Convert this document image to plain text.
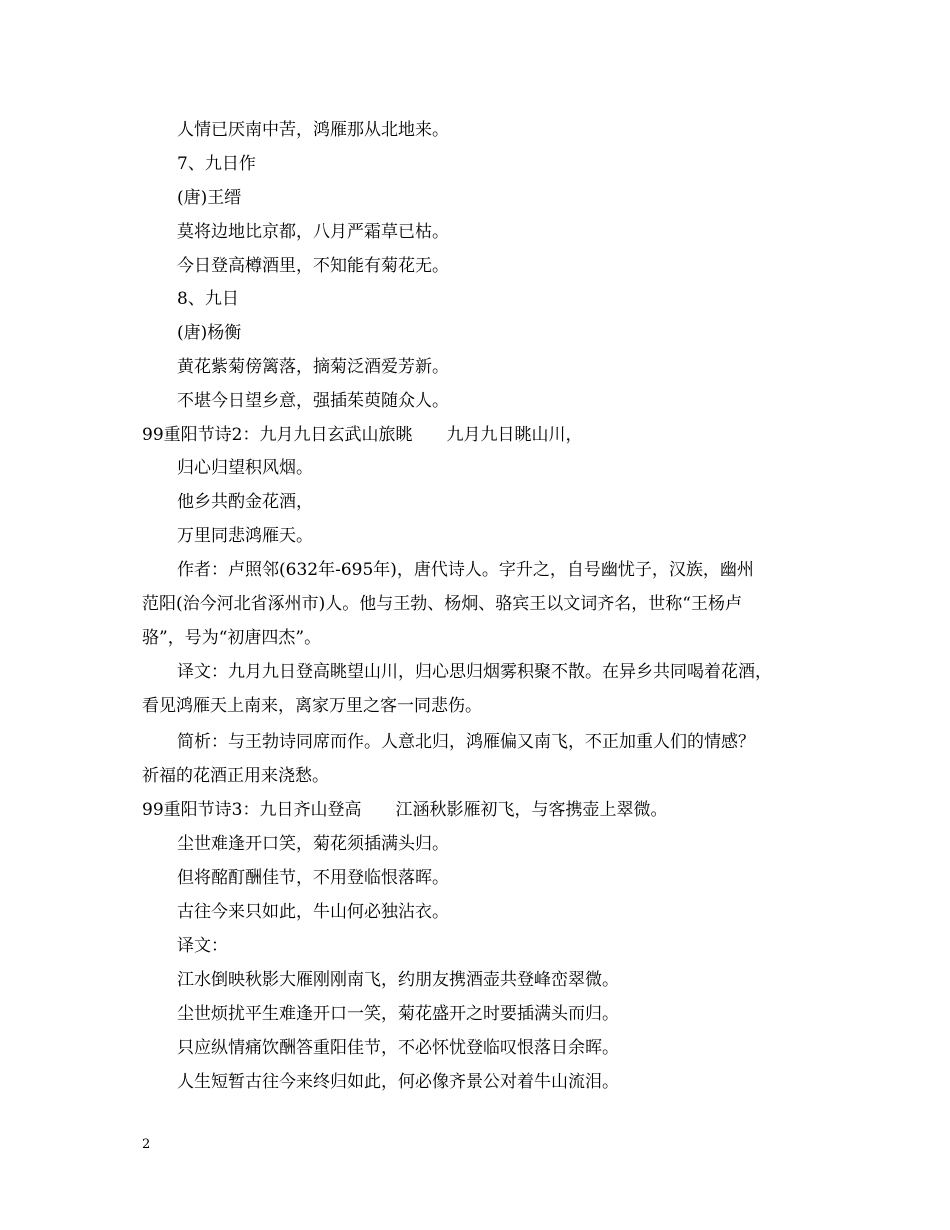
人情已厌南中苦，鸿雁那从北地来。
7、九日作
(唐)王缙
莫将边地比京都，八月严霜草已枯。
今日登高樽酒里，不知能有菊花无。
8、九日
(唐)杨衡
黄花紫菊傍篱落，摘菊泛酒爱芳新。
不堪今日望乡意，强插茱萸随众人。
99重阳节诗2：九月九日玄武山旅眺　　九月九日眺山川，
归心归望积风烟。
他乡共酌金花酒，
万里同悲鸿雁天。
作者：卢照邻(632年-695年)，唐代诗人。字升之，自号幽忧子，汉族，幽州
范阳(治今河北省涿州市)人。他与王勃、杨炯、骆宾王以文词齐名，世称“王杨卢
骆”，号为“初唐四杰”。
译文：九月九日登高眺望山川，归心思归烟雾积聚不散。在异乡共同喝着花酒，
看见鸿雁天上南来，离家万里之客一同悲伤。
简析：与王勃诗同席而作。人意北归，鸿雁偏又南飞，不正加重人们的情感？
祈福的花酒正用来浇愁。
99重阳节诗3：九日齐山登高　　江涵秋影雁初飞，与客携壶上翠微。
尘世难逢开口笑，菊花须插满头归。
但将酩酊酬佳节，不用登临恨落晖。
古往今来只如此，牛山何必独沾衣。
译文：
江水倒映秋影大雁刚刚南飞，约朋友携酒壶共登峰峦翠微。
尘世烦扰平生难逢开口一笑，菊花盛开之时要插满头而归。
只应纵情痛饮酬答重阳佳节，不必怀忧登临叹恨落日余晖。
人生短暂古往今来终归如此，何必像齐景公对着牛山流泪。
2
